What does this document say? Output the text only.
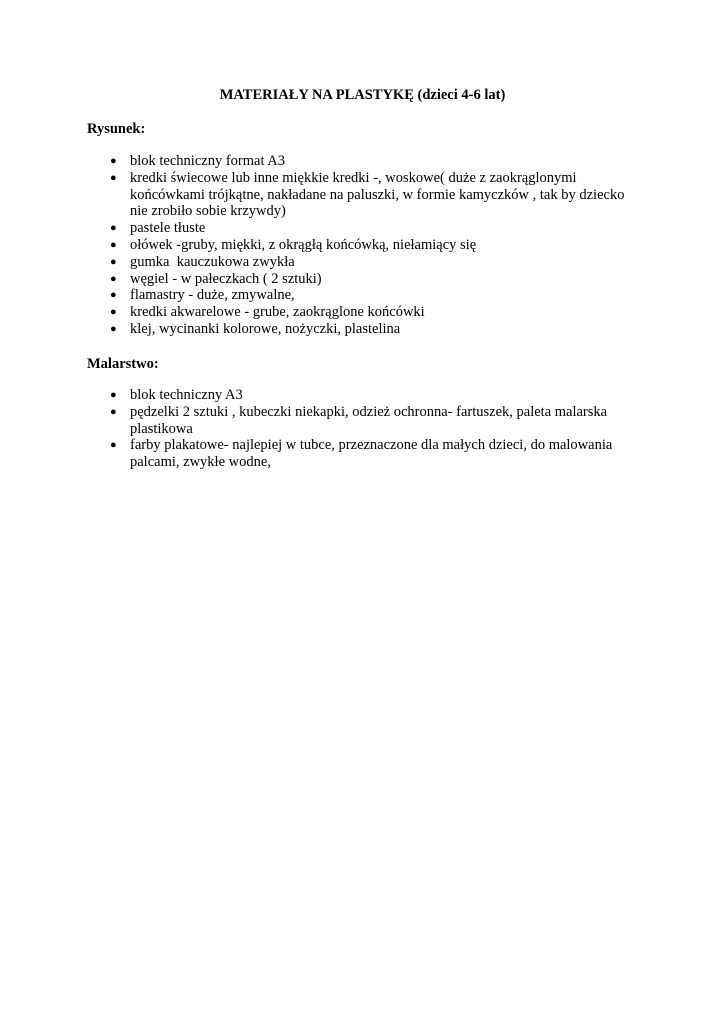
MATERIAŁY NA PLASTYKĘ (dzieci 4-6 lat)
Rysunek:
● blok techniczny format A3
● kredki świecowe lub inne miękkie kredki -, woskowe( duże z zaokrąglonymi końcówkami trójkątne, nakładane na paluszki, w formie kamyczków , tak by dziecko nie zrobiło sobie krzywdy)
● pastele tłuste
● ołówek -gruby, miękki, z okrągłą końcówką, niełamiący się
● gumka  kauczukowa zwykła
● węgiel - w pałeczkach ( 2 sztuki)
● flamastry - duże, zmywalne,
● kredki akwarelowe - grube, zaokrąglone końcówki
● klej, wycinanki kolorowe, nożyczki, plastelina
Malarstwo:
● blok techniczny A3
● pędzelki 2 sztuki , kubeczki niekapki, odzież ochronna- fartuszek, paleta malarska plastikowa
● farby plakatowe- najlepiej w tubce, przeznaczone dla małych dzieci, do malowania palcami, zwykłe wodne,
